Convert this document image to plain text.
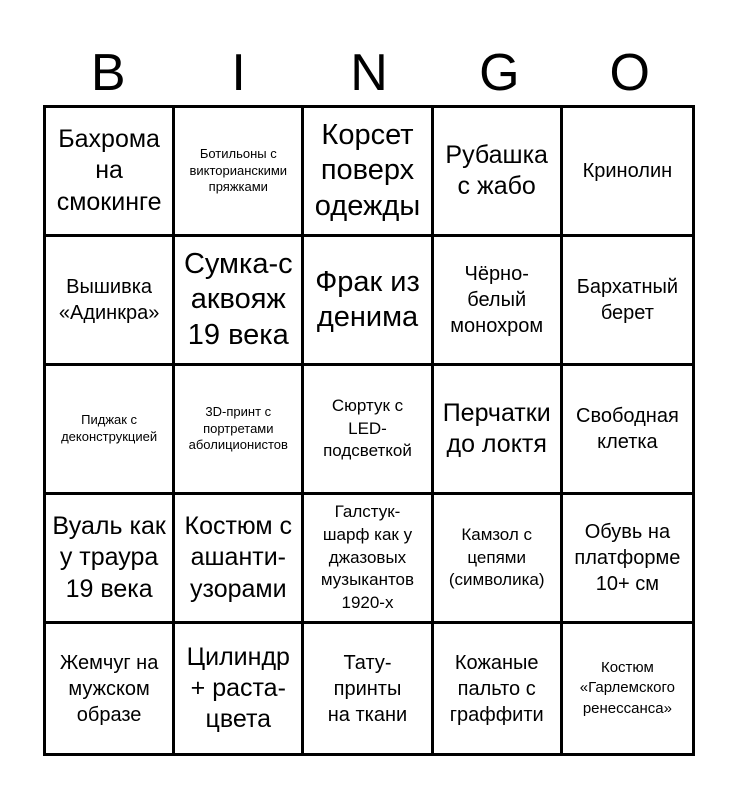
B	I	N	G	O
Бахрома на смокинге
Ботильоны с викторианскими пряжками
Корсет поверх одежды
Рубашка с жабо
Кринолин
Вышивка «Адинкра»
Сумка-саквояж 19 века
Фрак из денима
Чёрно-белый монохром
Бархатный берет
Пиджак с деконструкцией
3D-принт с портретами аболиционистов
Сюртук с LED-подсветкой
Перчатки до локтя
Свободная клетка
Вуаль как у траура 19 века
Костюм с ашанти-узорами
Галстук-шарф как у джазовых музыкантов 1920-х
Камзол с цепями (символика)
Обувь на платформе 10+ см
Жемчуг на мужском образе
Цилиндр + раста-цвета
Тату-принты на ткани
Кожаные пальто с граффити
Костюм «Гарлемского ренессанса»
